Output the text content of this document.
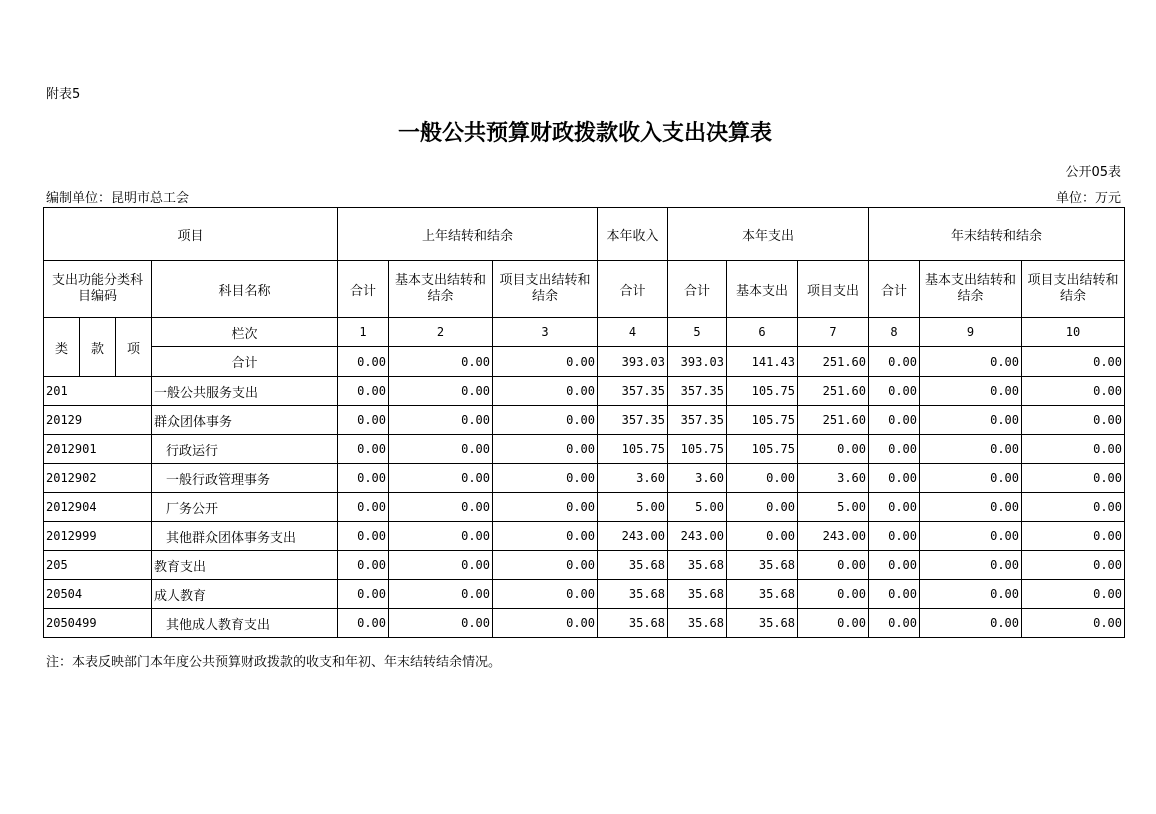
附表5
一般公共预算财政拨款收入支出决算表
公开05表
编制单位：昆明市总工会	单位：万元
项目				上年结转和结余			本年收入	本年支出			年末结转和结余		
支出功能分类科目编码			科目名称	合计	基本支出结转和结余	项目支出结转和结余	合计	合计	基本支出	项目支出	合计	基本支出结转和结余	项目支出结转和结余
类	款	项	栏次	1	2	3	4	5	6	7	8	9	10
			合计	0.00	0.00	0.00	393.03	393.03	141.43	251.60	0.00	0.00	0.00
201			一般公共服务支出	0.00	0.00	0.00	357.35	357.35	105.75	251.60	0.00	0.00	0.00
20129			群众团体事务	0.00	0.00	0.00	357.35	357.35	105.75	251.60	0.00	0.00	0.00
2012901			行政运行	0.00	0.00	0.00	105.75	105.75	105.75	0.00	0.00	0.00	0.00
2012902			一般行政管理事务	0.00	0.00	0.00	3.60	3.60	0.00	3.60	0.00	0.00	0.00
2012904			厂务公开	0.00	0.00	0.00	5.00	5.00	0.00	5.00	0.00	0.00	0.00
2012999			其他群众团体事务支出	0.00	0.00	0.00	243.00	243.00	0.00	243.00	0.00	0.00	0.00
205			教育支出	0.00	0.00	0.00	35.68	35.68	35.68	0.00	0.00	0.00	0.00
20504			成人教育	0.00	0.00	0.00	35.68	35.68	35.68	0.00	0.00	0.00	0.00
2050499			其他成人教育支出	0.00	0.00	0.00	35.68	35.68	35.68	0.00	0.00	0.00	0.00
注：本表反映部门本年度公共预算财政拨款的收支和年初、年末结转结余情况。
